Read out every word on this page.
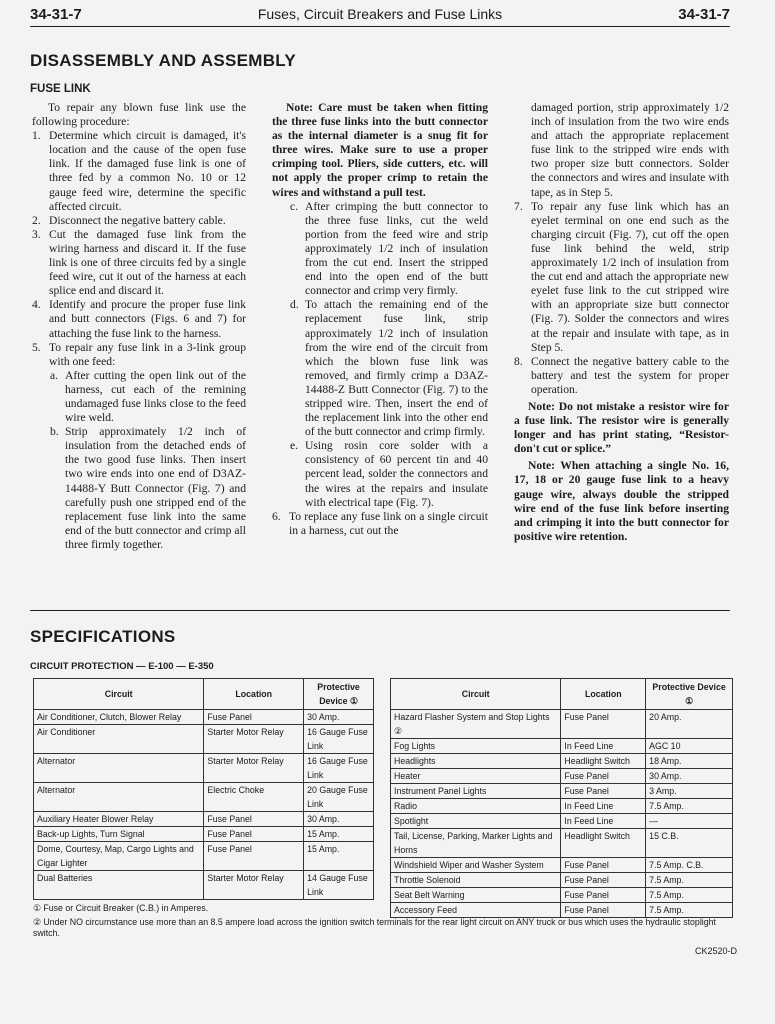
34-31-7	Fuses, Circuit Breakers and Fuse Links	34-31-7
DISASSEMBLY AND ASSEMBLY
FUSE LINK

To repair any blown fuse link use the following procedure:

1. Determine which circuit is damaged, it's location and the cause of the open fuse link. If the damaged fuse link is one of three fed by a common No. 10 or 12 gauge feed wire, determine the specific affected circuit.
2. Disconnect the negative battery cable.
3. Cut the damaged fuse link from the wiring harness and discard it. If the fuse link is one of three circuits fed by a single feed wire, cut it out of the harness at each splice end and discard it.
4. Identify and procure the proper fuse link and butt connectors (Figs. 6 and 7) for attaching the fuse link to the harness.
5. To repair any fuse link in a 3-link group with one feed:
a. After cutting the open link out of the harness, cut each of the remining undamaged fuse links close to the feed wire weld.
b. Strip approximately 1/2 inch of insulation from the detached ends of the two good fuse links. Then insert two wire ends into one end of D3AZ-14488-Y Butt Connector (Fig. 7) and carefully push one stripped end of the replacement fuse link into the same end of the butt connector and crimp all three firmly together.

Note: Care must be taken when fitting the three fuse links into the butt connector as the internal diameter is a snug fit for three wires. Make sure to use a proper crimping tool. Pliers, side cutters, etc. will not apply the proper crimp to retain the wires and withstand a pull test.

c. After crimping the butt connector to the three fuse links, cut the weld portion from the feed wire and strip approximately 1/2 inch of insulation from the cut end. Insert the stripped end into the open end of the butt connector and crimp very firmly.
d. To attach the remaining end of the replacement fuse link, strip approximately 1/2 inch of insulation from the wire end of the circuit from which the blown fuse link was removed, and firmly crimp a D3AZ-14488-Z Butt Connector (Fig. 7) to the stripped wire. Then, insert the end of the replacement link into the other end of the butt connector and crimp firmly.
e. Using rosin core solder with a consistency of 60 percent tin and 40 percent lead, solder the connectors and the wires at the repairs and insulate with electrical tape (Fig. 7).
6. To replace any fuse link on a single circuit in a harness, cut out the

damaged portion, strip approximately 1/2 inch of insulation from the two wire ends and attach the appropriate replacement fuse link to the stripped wire ends with two proper size butt connectors. Solder the connectors and wires and insulate with tape, as in Step 5.

7. To repair any fuse link which has an eyelet terminal on one end such as the charging circuit (Fig. 7), cut off the open fuse link behind the weld, strip approximately 1/2 inch of insulation from the cut end and attach the appropriate new eyelet fuse link to the cut stripped wire with an appropriate size butt connector (Fig. 7). Solder the connectors and wires at the repair and insulate with tape, as in Step 5.
8. Connect the negative battery cable to the battery and test the system for proper operation.

Note: Do not mistake a resistor wire for a fuse link. The resistor wire is generally longer and has print stating, “Resistor-don't cut or splice.”

Note: When attaching a single No. 16, 17, 18 or 20 gauge fuse link to a heavy gauge wire, always double the stripped wire end of the fuse link before inserting and crimping it into the butt connector for positive wire retention.

SPECIFICATIONS
CIRCUIT PROTECTION — E-100 — E-350
Circuit	Location	Protective Device ①
Air Conditioner, Clutch, Blower Relay	Fuse Panel	30 Amp.
Air Conditioner	Starter Motor Relay	16 Gauge Fuse Link
Alternator	Starter Motor Relay	16 Gauge Fuse Link
Alternator	Electric Choke	20 Gauge Fuse Link
Auxiliary Heater Blower Relay	Fuse Panel	30 Amp.
Back-up Lights, Turn Signal	Fuse Panel	15 Amp.
Dome, Courtesy, Map, Cargo Lights and Cigar Lighter	Fuse Panel	15 Amp.
Dual Batteries	Starter Motor Relay	14 Gauge Fuse Link
Circuit	Location	Protective Device ①
Hazard Flasher System and Stop Lights ②	Fuse Panel	20 Amp.
Fog Lights	In Feed Line	AGC 10
Headlights	Headlight Switch	18 Amp.
Heater	Fuse Panel	30 Amp.
Instrument Panel Lights	Fuse Panel	3 Amp.
Radio	In Feed Line	7.5 Amp.
Spotlight	In Feed Line	—
Tail, License, Parking, Marker Lights and Horns	Headlight Switch	15 C.B.
Windshield Wiper and Washer System	Fuse Panel	7.5 Amp. C.B.
Throttle Solenoid	Fuse Panel	7.5 Amp.
Seat Belt Warning	Fuse Panel	7.5 Amp.
Accessory Feed	Fuse Panel	7.5 Amp.
① Fuse or Circuit Breaker (C.B.) in Amperes.
② Under NO circumstance use more than an 8.5 ampere load across the ignition switch terminals for the rear light circuit on ANY truck or bus which uses the hydraulic stoplight switch.
CK2520-D
